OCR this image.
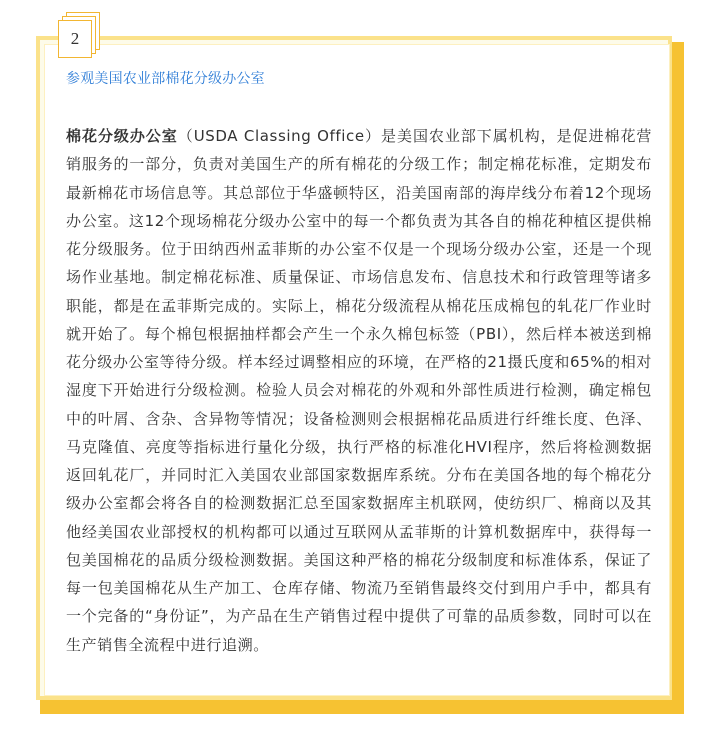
2
参观美国农业部棉花分级办公室
棉花分级办公室（USDA Classing Office）是美国农业部下属机构，是促进棉花营销服务的一部分，负责对美国生产的所有棉花的分级工作；制定棉花标准，定期发布最新棉花市场信息等。其总部位于华盛顿特区，沿美国南部的海岸线分布着12个现场办公室。这12个现场棉花分级办公室中的每一个都负责为其各自的棉花种植区提供棉花分级服务。位于田纳西州孟菲斯的办公室不仅是一个现场分级办公室，还是一个现场作业基地。制定棉花标准、质量保证、市场信息发布、信息技术和行政管理等诸多职能，都是在孟菲斯完成的。实际上，棉花分级流程从棉花压成棉包的轧花厂作业时就开始了。每个棉包根据抽样都会产生一个永久棉包标签（PBI），然后样本被送到棉花分级办公室等待分级。样本经过调整相应的环境，在严格的21摄氏度和65%的相对湿度下开始进行分级检测。检验人员会对棉花的外观和外部性质进行检测，确定棉包中的叶屑、含杂、含异物等情况；设备检测则会根据棉花品质进行纤维长度、色泽、马克隆值、亮度等指标进行量化分级，执行严格的标准化HVI程序，然后将检测数据返回轧花厂，并同时汇入美国农业部国家数据库系统。分布在美国各地的每个棉花分级办公室都会将各自的检测数据汇总至国家数据库主机联网，使纺织厂、棉商以及其他经美国农业部授权的机构都可以通过互联网从孟菲斯的计算机数据库中，获得每一包美国棉花的品质分级检测数据。美国这种严格的棉花分级制度和标准体系，保证了每一包美国棉花从生产加工、仓库存储、物流乃至销售最终交付到用户手中，都具有一个完备的“身份证”，为产品在生产销售过程中提供了可靠的品质参数，同时可以在生产销售全流程中进行追溯。
